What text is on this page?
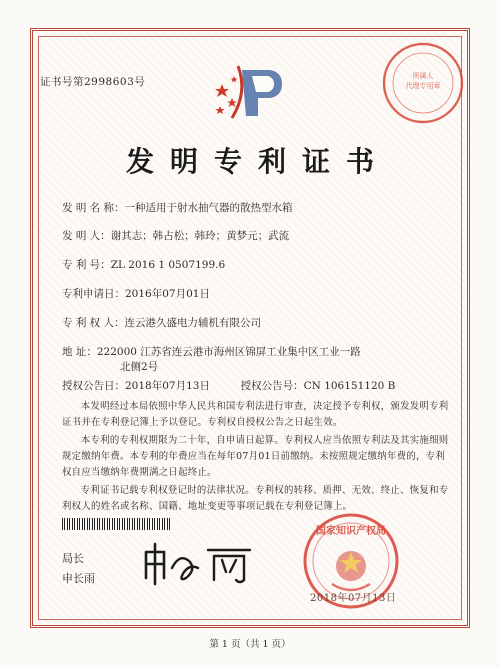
证书号第2998603号	所属人
代理专用章
发明专利证书
发 明 名 称：一种适用于射水抽气器的散热型水箱
发 明 人：谢其志；韩占松；韩玲；黄梦元；武流
专 利 号：ZL 2016 1 0507199.6
专利申请日：2016年07月01日
专 利 权 人：连云港久盛电力辅机有限公司
地 址：222000 江苏省连云港市海州区锦屏工业集中区工业一路
北侧2号
授权公告日：2018年07月13日	授权公告号：CN 106151120 B
本发明经过本局依照中华人民共和国专利法进行审查，决定授予专利权，颁发发明专利证书并在专利登记簿上予以登记。专利权自授权公告之日起生效。
本专利的专利权期限为二十年，自申请日起算。专利权人应当依照专利法及其实施细则规定缴纳年费。本专利的年费应当在每年07月01日前缴纳。未按照规定缴纳年费的，专利权自应当缴纳年费期满之日起终止。
专利证书记载专利权登记时的法律状况。专利权的转移、质押、无效、终止、恢复和专利权人的姓名或名称、国籍、地址变更等事项记载在专利登记簿上。
局长
申长雨
国家知识产权局
2018年07月13日
第 1 页（共 1 页）
